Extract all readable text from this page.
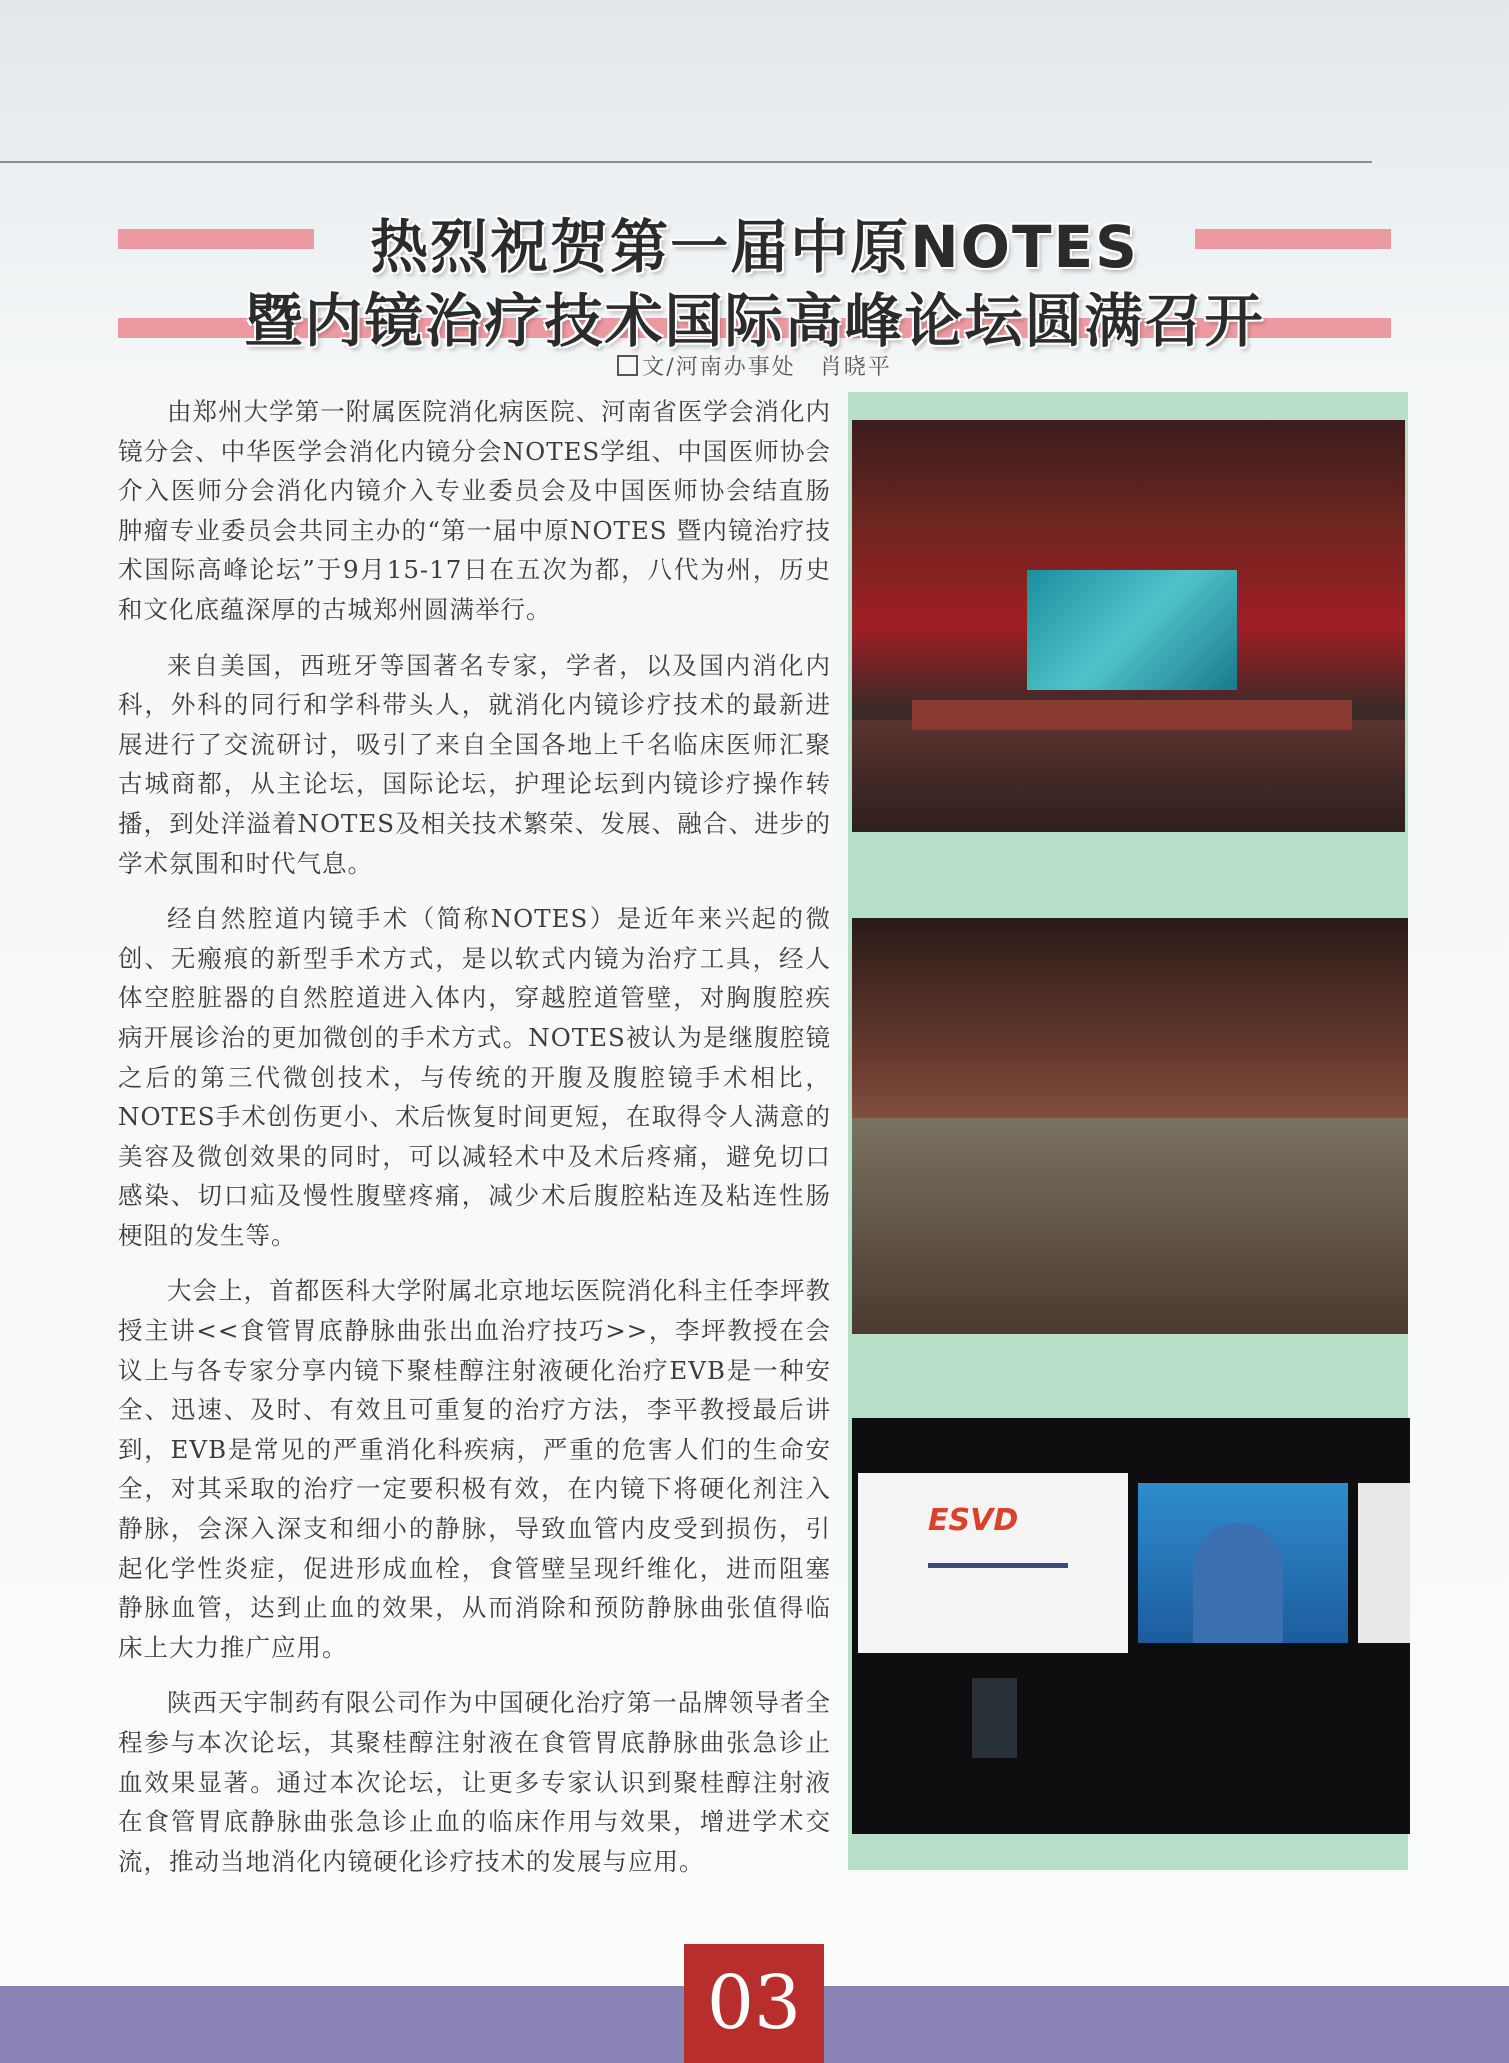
热烈祝贺第一届中原NOTES
暨内镜治疗技术国际高峰论坛圆满召开
文/河南办事处　肖晓平

由郑州大学第一附属医院消化病医院、河南省医学会消化内镜分会、中华医学会消化内镜分会NOTES学组、中国医师协会介入医师分会消化内镜介入专业委员会及中国医师协会结直肠肿瘤专业委员会共同主办的“第一届中原NOTES 暨内镜治疗技术国际高峰论坛”于9月15-17日在五次为都，八代为州，历史和文化底蕴深厚的古城郑州圆满举行。

来自美国，西班牙等国著名专家，学者，以及国内消化内科，外科的同行和学科带头人，就消化内镜诊疗技术的最新进展进行了交流研讨，吸引了来自全国各地上千名临床医师汇聚古城商都，从主论坛，国际论坛，护理论坛到内镜诊疗操作转播，到处洋溢着NOTES及相关技术繁荣、发展、融合、进步的学术氛围和时代气息。

经自然腔道内镜手术（简称NOTES）是近年来兴起的微创、无瘢痕的新型手术方式，是以软式内镜为治疗工具，经人体空腔脏器的自然腔道进入体内，穿越腔道管壁，对胸腹腔疾病开展诊治的更加微创的手术方式。NOTES被认为是继腹腔镜之后的第三代微创技术，与传统的开腹及腹腔镜手术相比，NOTES手术创伤更小、术后恢复时间更短，在取得令人满意的美容及微创效果的同时，可以减轻术中及术后疼痛，避免切口感染、切口疝及慢性腹壁疼痛，减少术后腹腔粘连及粘连性肠梗阻的发生等。

大会上，首都医科大学附属北京地坛医院消化科主任李坪教授主讲<<食管胃底静脉曲张出血治疗技巧>>，李坪教授在会议上与各专家分享内镜下聚桂醇注射液硬化治疗EVB是一种安全、迅速、及时、有效且可重复的治疗方法，李平教授最后讲到，EVB是常见的严重消化科疾病，严重的危害人们的生命安全，对其采取的治疗一定要积极有效，在内镜下将硬化剂注入静脉，会深入深支和细小的静脉，导致血管内皮受到损伤，引起化学性炎症，促进形成血栓，食管壁呈现纤维化，进而阻塞静脉血管，达到止血的效果，从而消除和预防静脉曲张值得临床上大力推广应用。

陕西天宇制药有限公司作为中国硬化治疗第一品牌领导者全程参与本次论坛，其聚桂醇注射液在食管胃底静脉曲张急诊止血效果显著。通过本次论坛，让更多专家认识到聚桂醇注射液在食管胃底静脉曲张急诊止血的临床作用与效果，增进学术交流，推动当地消化内镜硬化诊疗技术的发展与应用。

ESVD
03
